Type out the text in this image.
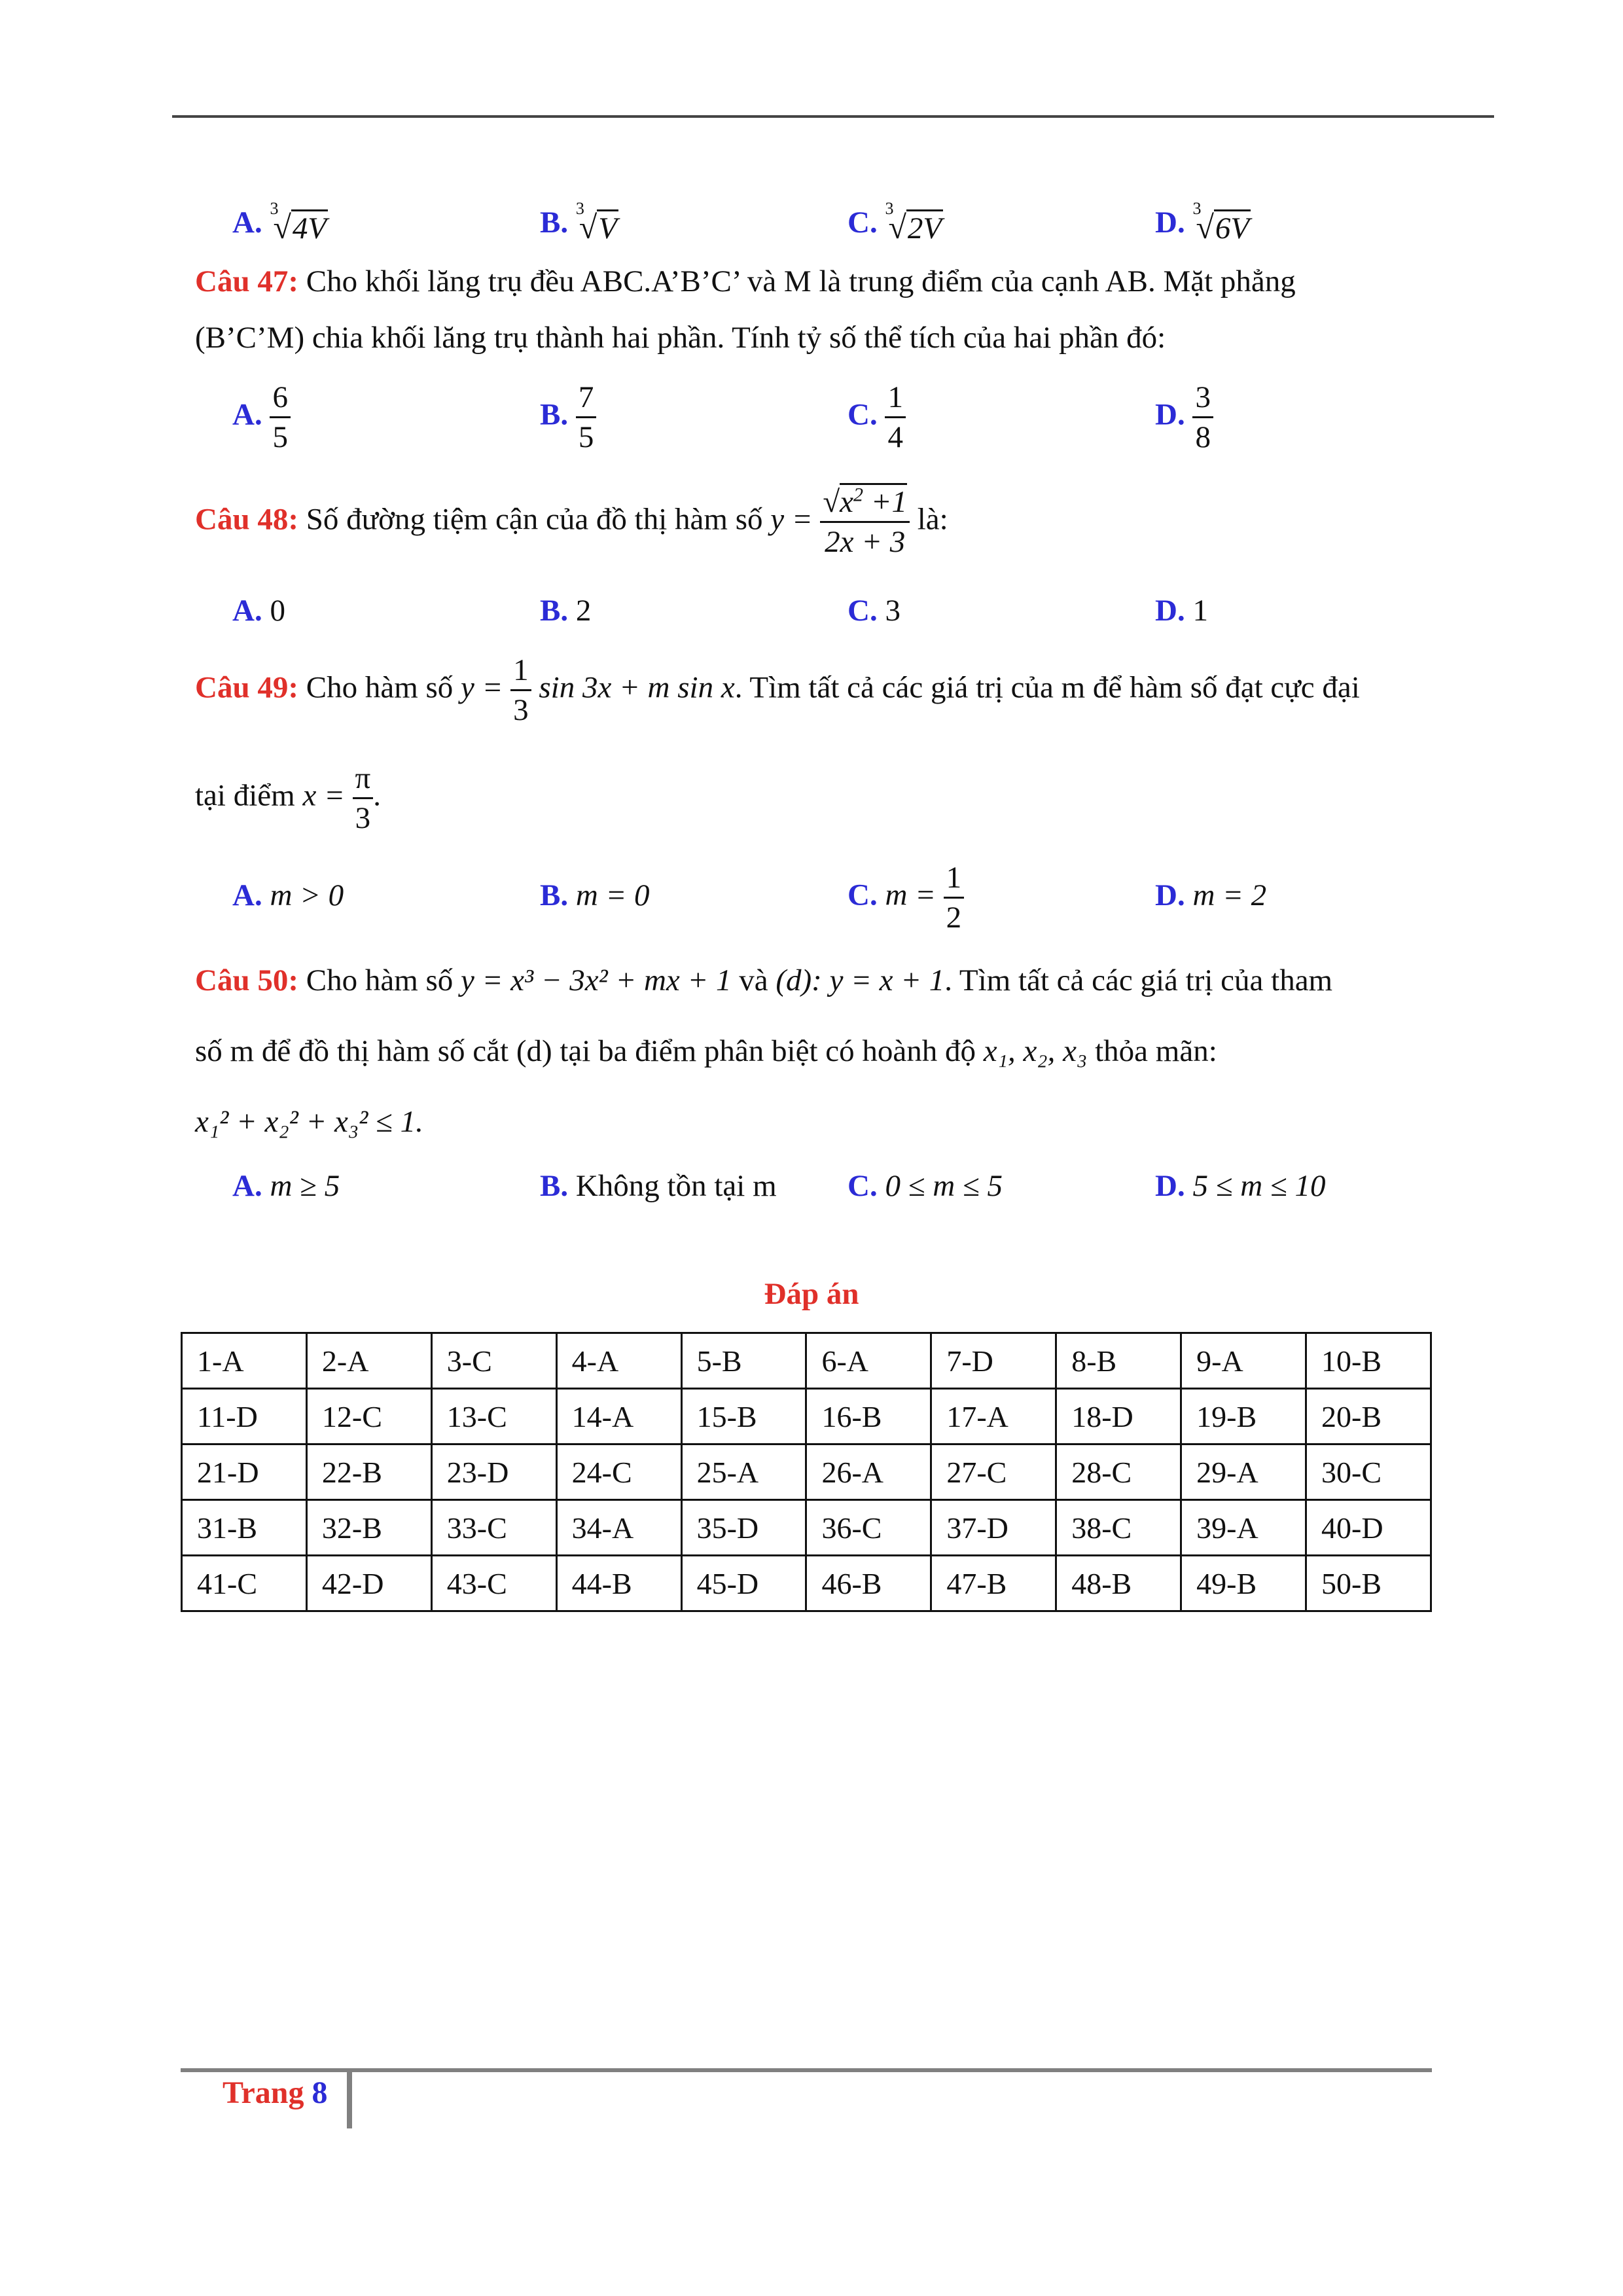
A. 3
√ 4V	B. 3
√ V	C. 3
√ 2V	D. 3
√ 6V
Câu 47: Cho khối lăng trụ đều ABC.A’B’C’ và M là trung điểm của cạnh AB. Mặt phẳng
(B’C’M) chia khối lăng trụ thành hai phần. Tính tỷ số thể tích của hai phần đó:
A. $\frac{6}{5}$	B. $\frac{7}{5}$	C. $\frac{1}{4}$	D. $\frac{3}{8}$
Câu 48: Số đường tiệm cận của đồ thị hàm số $y = \frac{√x^2 +1}{2x + 3}$ là:
A. 0	B. 2	C. 3	D. 1
Câu 49: Cho hàm số $y = \frac{1}{3}$ sin 3x + m sin x. Tìm tất cả các giá trị của m để hàm số đạt cực đại
tại điểm $x = \frac{\pi}{3}$ .
A. m > 0	B. m = 0	C. $m = \frac{1}{2}$	D. m = 2
Câu 50: Cho hàm số y = x³ − 3x² + mx + 1 và (d): y = x + 1. Tìm tất cả các giá trị của tham
số m để đồ thị hàm số cắt (d) tại ba điểm phân biệt có hoành độ x₁, x₂, x₃ thỏa mãn:
x₁² + x₂² + x₃² ≤ 1.
A. m ≥ 5	B. Không tồn tại m C. 0 ≤ m ≤ 5	D. 5 ≤ m ≤ 10
Đáp án
1-A	2-A	3-C	4-A	5-B	6-A	7-D	8-B	9-A	10-B
11-D	12-C	13-C	14-A	15-B	16-B	17-A	18-D	19-B	20-B
21-D	22-B	23-D	24-C	25-A	26-A	27-C	28-C	29-A	30-C
31-B	32-B	33-C	34-A	35-D	36-C	37-D	38-C	39-A	40-D
41-C	42-D	43-C	44-B	45-D	46-B	47-B	48-B	49-B	50-B
Trang 8
